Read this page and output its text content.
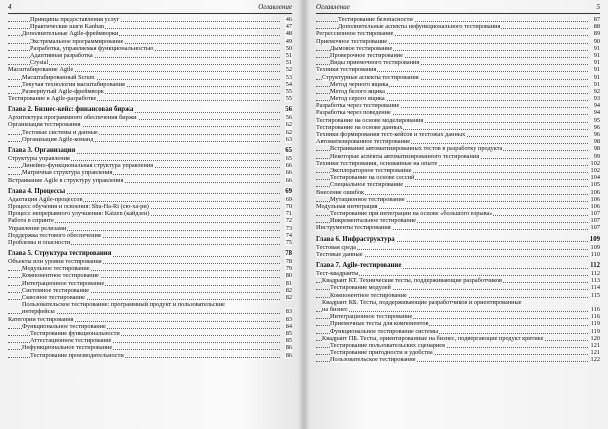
4	Оглавление
Принципы предоставления услуг	46
Практические шаги Kanban	47
Дополнительные Agile-фреймворки	48
Экстремальное программирование	49
Разработка, управляемая функциональностью	50
Адаптивная разработка	51
Crystal	51
Масштабирование Agile	52
Масштабированный Scrum	53
Текучая технология масштабирования	54
Развернутый Agile-фреймворк	55
Тестирование в Agile-разработке	55
Глава 2. Бизнес-кейс: финансовая биржа	56
Архитектура программного обеспечения биржи	56
Организация тестирования	62
Тестовые системы и данные	62
Организация Agile-команд	63
Глава 3. Организация	65
Структуры управления	65
Линейно-функциональная структура управления	66
Матричная структура управления	66
Встраивание Agile в структуру управления	66
Глава 4. Процессы	69
Адаптация Agile-процессов	69
Процесс обучения и освоения: Shu-Ha-Ri (сю-ха-ри)	70
Процесс непрерывного улучшения: Kaizen (кайдзен)	71
Работа в спринте	72
Управление релизами	73
Поддержка тестового обеспечения	74
Проблемы и опасности	75
Глава 5. Структура тестирования	78
Объекты или уровни тестирования	78
Модульное тестирование	79
Компонентное тестирование	80
Интеграционное тестирование	81
Системное тестирование	82
Сквозное тестирование	82
Пользовательское тестирование: программный продукт и пользовательские
интерфейсы	83
Категории тестирования	83
Функциональное тестирование	84
Тестирование функциональности	85
Аттестационное тестирование	85
Нефункциональное тестирование	86
Тестирование производительности	86
Оглавление	5
Тестирование безопасности	87
Дополнительные аспекты нефункционального тестирования	88
Регрессионное тестирование	89
Приемочное тестирование	90
Дымовое тестирование	91
Проверочное тестирование	91
Виды приемочного тестирования	91
Техники тестирования	91
Структурные аспекты тестирования	91
Метод черного ящика	91
Метод белого ящика	92
Метод серого ящика	93
Разработка через тестирование	94
Разработка через поведение	94
Тестирование на основе моделирования	95
Тестирование на основе данных	96
Техники формирования тест-кейсов и тестовых данных	96
Автоматизированное тестирование	98
Встраивание автоматизированных тестов в разработку продукта	98
Некоторые аспекты автоматизированного тестирования	99
Техники тестирования, основанные на опыте	102
Эксплораторное тестирование	102
Тестирование на основе сессий	104
Специальное тестирование	105
Внесение ошибок	106
Мутационное тестирование	106
Модульная интеграция	106
Тестирование при интеграции на основе «большого взрыва»	107
Инкрементальное тестирование	107
Инструменты тестирования	107
Глава 6. Инфраструктура	109
Тестовая среда	109
Тестовые данные	110
Глава 7. Agile-тестирование	112
Тест-квадранты	112
Квадрант КТ. Технические тесты, поддерживающие разработчиков	113
Тестирование модулей	114
Компонентное тестирование	115
Квадрант КБ. Тесты, поддерживающие разработчиков и ориентированные
на бизнес	116
Интеграционное тестирование	116
Приемочные тесты для компонентов	119
Функциональное тестирование системы	119
Квадрант ПБ. Тесты, ориентированные на бизнес, подвергающие продукт критике	120
Тестирование пользовательских сценариев	121
Тестирование пригодности и удобства	121
Пользовательское тестирование	122
